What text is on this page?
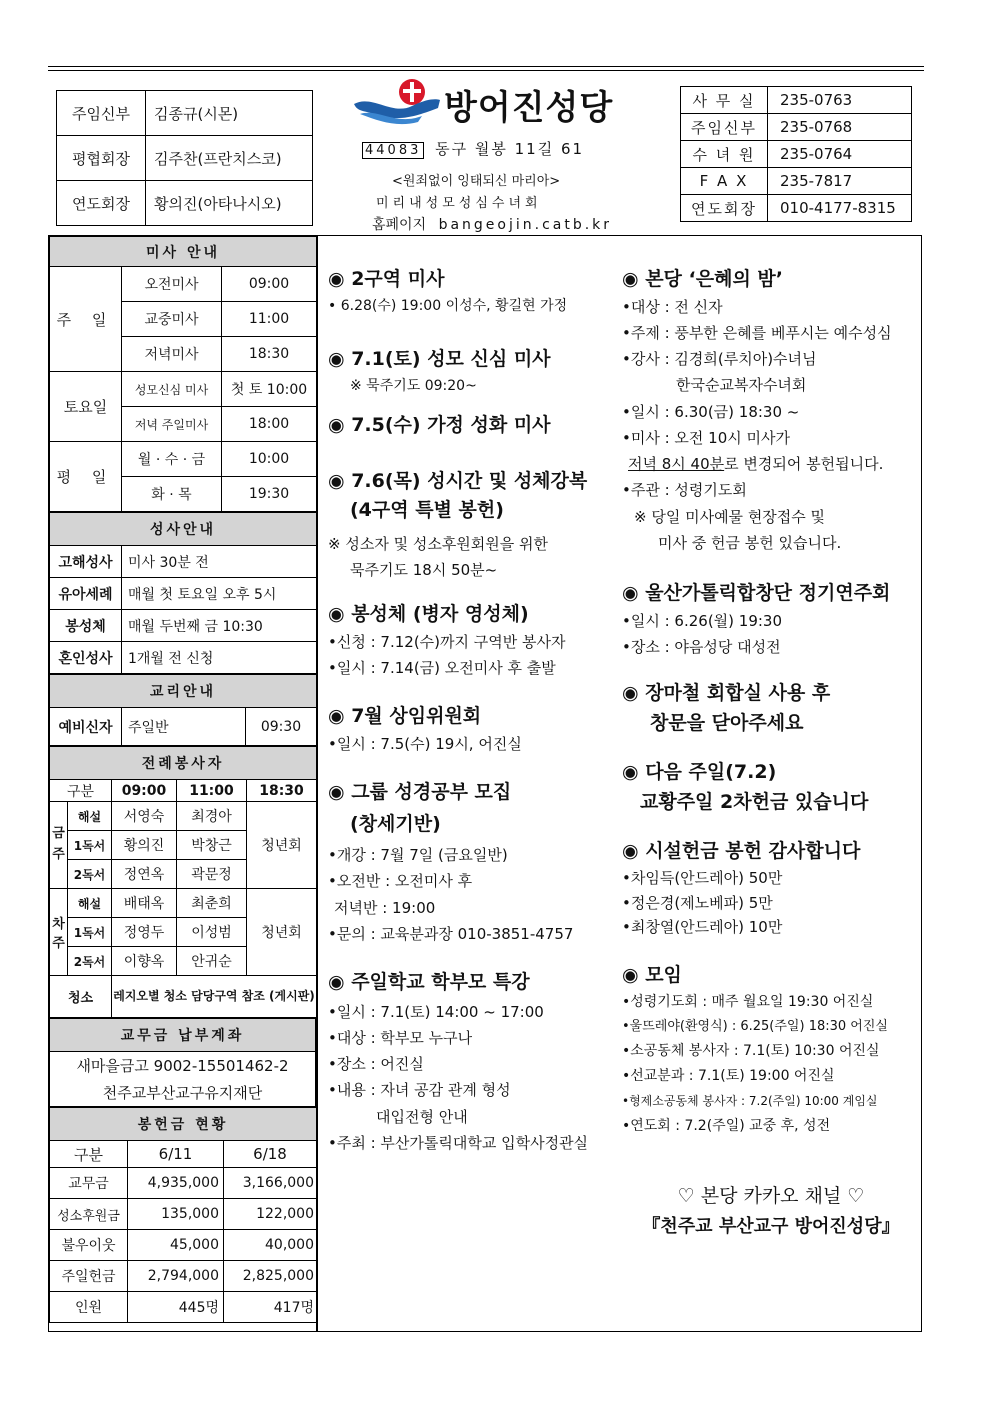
주임신부	김종규(시몬)
평협회장	김주찬(프란치스코)
연도회장	황의진(아타나시오)
방어진성당
44083 동구 월봉 11길 61
<원죄없이 잉태되신 마리아>
미리내성모성심수녀회
홈페이지 bangeojin.catb.kr
사 무 실	235-0763
주임신부	235-0768
수 녀 원	235-0764
F A X	235-7817
연도회장	010-4177-8315
미사 안내		
주 일	오전미사	09:00
	교중미사	11:00
	저녁미사	18:30
토요일	성모신심 미사	첫 토 10:00
	저녁 주일미사	18:00
평 일	월 · 수 · 금	10:00
	화 · 목	19:30
성사안내	
고해성사	미사 30분 전
유아세례	매월 첫 토요일 오후 5시
봉성체	매월 두번째 금 10:30
혼인성사	1개월 전 신청
교리안내
예비신자	주일반	09:30
전례봉사자				
구분		09:00	11:00	18:30
금주	해설	서영숙	최경아	청년회
	1독서	황의진	박창근	
	2독서	정연옥	곽문정	
차주	해설	배태옥	최춘희	청년회
	1독서	정영두	이성범	
	2독서	이향옥	안귀순	
청소		레지오별 청소 담당구역 참조 (게시판)		
교무금 납부계좌
새마을금고 9002-15501462-2
천주교부산교구유지재단
봉헌금 현황		
구분	6/11	6/18
교무금	4,935,000	3,166,000
성소후원금	135,000	122,000
불우이웃	45,000	40,000
주일헌금	2,794,000	2,825,000
인원	445명	417명

◉ 2구역 미사

• 6.28(수) 19:00 이성수, 황길현 가정

◉ 7.1(토) 성모 신심 미사

※ 묵주기도 09:20~

◉ 7.5(수) 가정 성화 미사

◉ 7.6(목) 성시간 및 성체강복

(4구역 특별 봉헌)

※ 성소자 및 성소후원회원을 위한

묵주기도 18시 50분~

◉ 봉성체 (병자 영성체)

•신청 : 7.12(수)까지 구역반 봉사자

•일시 : 7.14(금) 오전미사 후 출발

◉ 7월 상임위원회

•일시 : 7.5(수) 19시, 어진실

◉ 그룹 성경공부 모집

(창세기반)

•개강 : 7월 7일 (금요일반)

•오전반 : 오전미사 후

저녁반 : 19:00

•문의 : 교육분과장 010-3851-4757

◉ 주일학교 학부모 특강

•일시 : 7.1(토) 14:00 ~ 17:00

•대상 : 학부모 누구나

•장소 : 어진실

•내용 : 자녀 공감 관계 형성

대입전형 안내

•주최 : 부산가톨릭대학교 입학사정관실

◉ 본당 ‘은혜의 밤’

•대상 : 전 신자

•주제 : 풍부한 은혜를 베푸시는 예수성심

•강사 : 김경희(루치아)수녀님

한국순교복자수녀회

•일시 : 6.30(금) 18:30 ~

•미사 : 오전 10시 미사가

저녁 8시 40분로 변경되어 봉헌됩니다.

•주관 : 성령기도회

※ 당일 미사예물 현장접수 및

미사 중 헌금 봉헌 있습니다.

◉ 울산가톨릭합창단 정기연주회

•일시 : 6.26(월) 19:30

•장소 : 야음성당 대성전

◉ 장마철 회합실 사용 후

창문을 닫아주세요

◉ 다음 주일(7.2)

교황주일 2차헌금 있습니다

◉ 시설헌금 봉헌 감사합니다

•차임득(안드레아) 50만

•정은경(제노베파) 5만

•최창열(안드레아) 10만

◉ 모임

•성령기도회 : 매주 월요일 19:30 어진실

•울뜨레야(환영식) : 6.25(주일) 18:30 어진실

•소공동체 봉사자 : 7.1(토) 10:30 어진실

•선교분과 : 7.1(토) 19:00 어진실

•형제소공동체 봉사자 : 7.2(주일) 10:00 계임실

•연도회 : 7.2(주일) 교중 후, 성전

♡ 본당 카카오 채널 ♡

『천주교 부산교구 방어진성당』
